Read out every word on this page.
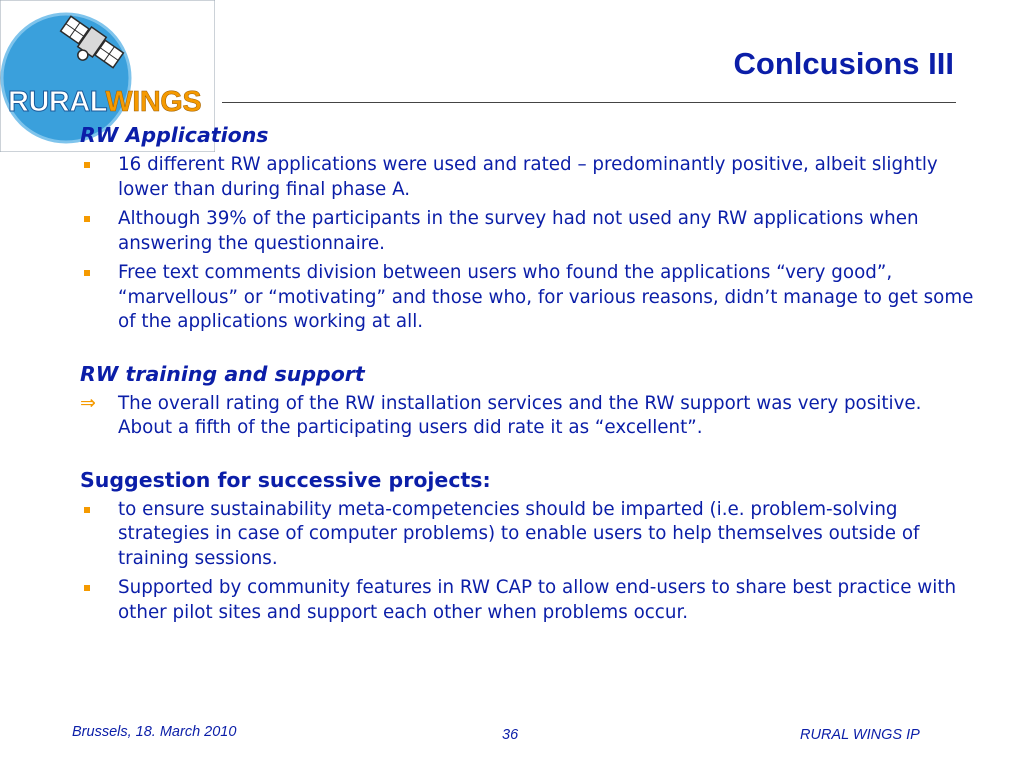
RURALWINGS
Conlcusions III
RW Applications
16 different RW applications were used and rated – predominantly positive, albeit slightly lower than during final phase A.
Although 39% of the participants in the survey had not used any RW applications when answering the questionnaire.
Free text comments division between users who found the applications “very good”, “marvellous” or “motivating” and those who, for various reasons, didn’t manage to get some of the applications working at all.
RW training and support
⇒ The overall rating of the RW installation services and the RW support was very positive. About a fifth of the participating users did rate it as “excellent”.
Suggestion for successive projects:
to ensure sustainability meta-competencies should be imparted (i.e. problem-solving strategies in case of computer problems) to enable users to help themselves outside of training sessions.
Supported by community features in RW CAP to allow end-users to share best practice with other pilot sites and support each other when problems occur.
Brussels, 18. March 2010	36	RURAL WINGS IP
